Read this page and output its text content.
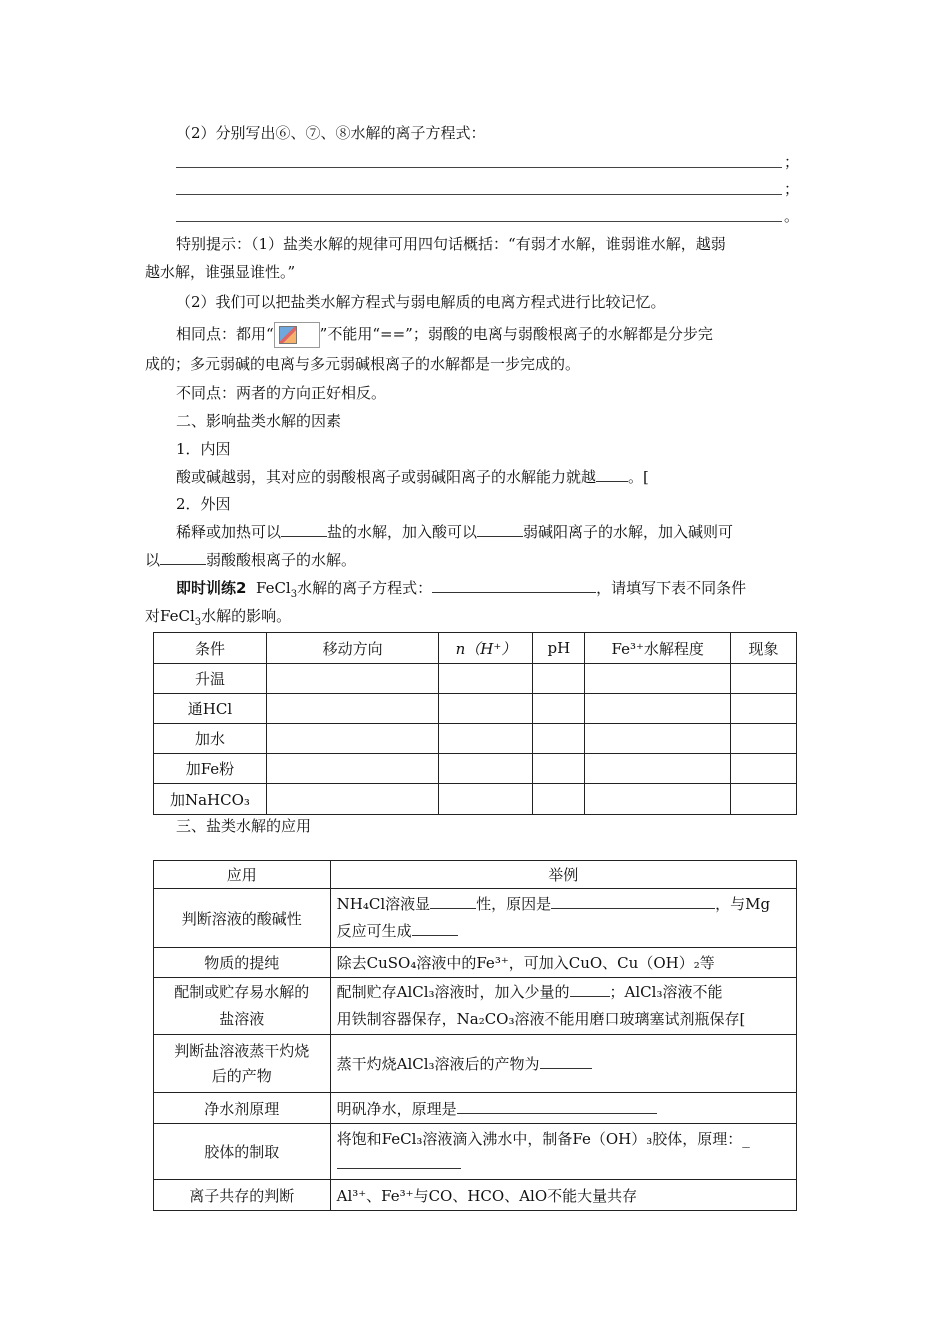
（2）分别写出⑥、⑦、⑧水解的离子方程式：
；
；
。
特别提示：（1）盐类水解的规律可用四句话概括：“有弱才水解，谁弱谁水解，越弱
越水解，谁强显谁性。”
（2）我们可以把盐类水解方程式与弱电解质的电离方程式进行比较记忆。
相同点：都用“	”不能用“==”；弱酸的电离与弱酸根离子的水解都是分步完
成的；多元弱碱的电离与多元弱碱根离子的水解都是一步完成的。
不同点：两者的方向正好相反。
二、影响盐类水解的因素
1．内因
酸或碱越弱，其对应的弱酸根离子或弱碱阳离子的水解能力就越 。[
2．外因
稀释或加热可以	盐的水解，加入酸可以	弱碱阳离子的水解，加入碱则可
以	弱酸酸根离子的水解。
即时训练2 FeCl$_3$水解的离子方程式：	，请填写下表不同条件
对FeCl$_3$水解的影响。
条件	移动方向	n（H⁺）	pH	Fe³⁺水解程度	现象
升温					
通HCl					
加水					
加Fe粉					
加NaHCO₃					
三、盐类水解的应用
应用	举例
判断溶液的酸碱性	NH₄Cl溶液显 性，原因是 ，与Mg
反应可生成
物质的提纯	除去CuSO₄溶液中的Fe³⁺，可加入CuO、Cu（OH）₂等
配制或贮存易水解的
盐溶液	配制贮存AlCl₃溶液时，加入少量的 ；AlCl₃溶液不能
用铁制容器保存，Na₂CO₃溶液不能用磨口玻璃塞试剂瓶保存[
判断盐溶液蒸干灼烧
后的产物	蒸干灼烧AlCl₃溶液后的产物为
净水剂原理	明矾净水，原理是
胶体的制取	将饱和FeCl₃溶液滴入沸水中，制备Fe（OH）₃胶体，原理：_

离子共存的判断	Al³⁺、Fe³⁺与CO、HCO、AlO不能大量共存
